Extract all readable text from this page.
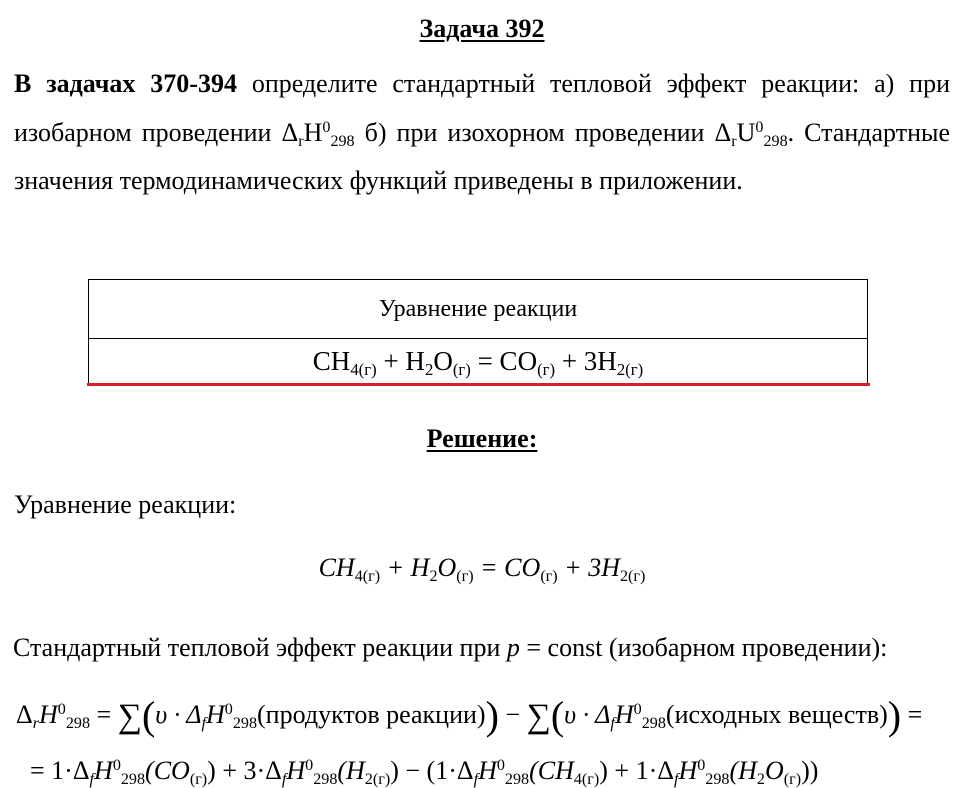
Задача 392
В задачах 370-394 определите стандартный тепловой эффект реакции: а) при изобарном проведении $\Delta_rH^0_{298}$ б) при изохорном проведении $\Delta_rU^0_{298}$. Стандартные значения термодинамических функций приведены в приложении.
Уравнение реакции
$CH_{4(г)} + H_2O_{(г)} = CO_{(г)} + 3H_{2(г)}$
Решение:
Уравнение реакции:
$CH_{4(г)} + H_2O_{(г)} = CO_{(г)} + 3H_{2(г)}$
Стандартный тепловой эффект реакции при p = const (изобарном проведении):
$\Delta_rH^0_{298} = \sum(\upsilon$ · $\Delta_fH^0_{298}(продуктов$ реакции)) − $\sum(\upsilon \cdot \Delta_fH^0_{298}(исходных$ веществ)) =
= $1\cdot\Delta_fH^0_{298}(CO_{(г)}) + 3\cdot\Delta_fH^0_{298}(H_{2(г)}) - (1\cdot\Delta_fH^0_{298}(CH_{4(г)}) + 1\cdot\Delta_fH^0_{298}(H_2O_{(г)}))$
